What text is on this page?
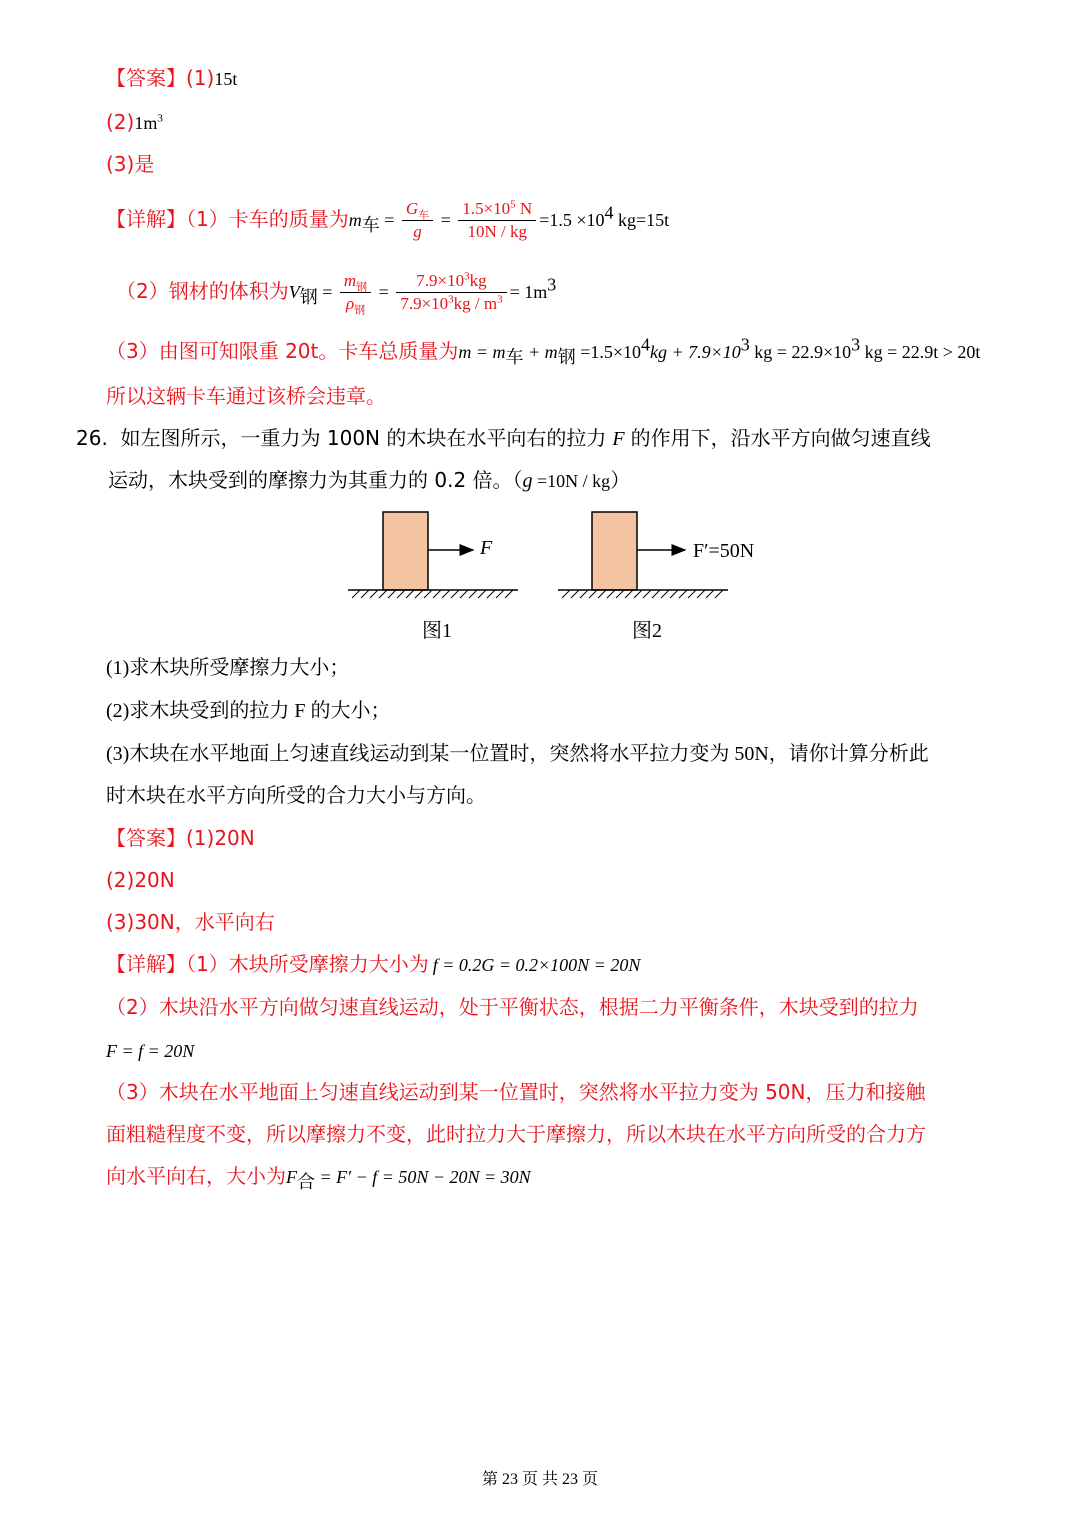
【答案】(1)15t
$(2)1m^3$
(3)是
【详解】（1）卡车的质量为$m_车 = \frac{G_车}{g} = \frac{1.5\times 10^5 N}{10N / kg} =1.5 \times 10^4$ kg=15t
（2）钢材的体积为$V_钢 = \frac{m_钢}{\rho_钢} = \frac{7.9\times 10^3kg}{7.9\times 10^3kg / m^3} = 1m^3$
（3）由图可知限重 20t。卡车总质量为$m = m_车 + m_钢 =1.5\times 10^4kg + 7.9\times 10^3$ kg = $22.9\times 10^3$ kg = 22.9t > 20t
所以这辆卡车通过该桥会违章。
26. 如左图所示，一重力为 100N 的木块在水平向右的拉力 F 的作用下，沿水平方向做匀速直线
运动，木块受到的摩擦力为其重力的 0.2 倍。（g =10N / kg）
F	F′=50N
图1	图2
(1)求木块所受摩擦力大小；
(2)求木块受到的拉力 F 的大小；
(3)木块在水平地面上匀速直线运动到某一位置时，突然将水平拉力变为 50N，请你计算分析此
时木块在水平方向所受的合力大小与方向。
【答案】(1)20N
(2)20N
(3)30N，水平向右
【详解】（1）木块所受摩擦力大小为 f = 0.2G = 0.2×100N = 20N
（2）木块沿水平方向做匀速直线运动，处于平衡状态，根据二力平衡条件，木块受到的拉力
F = f = 20N
（3）木块在水平地面上匀速直线运动到某一位置时，突然将水平拉力变为 50N，压力和接触
面粗糙程度不变，所以摩擦力不变，此时拉力大于摩擦力，所以木块在水平方向所受的合力方
向水平向右，大小为$F_合 = F' - f = 50N - 20N = 30N$
第 23 页 共 23 页
